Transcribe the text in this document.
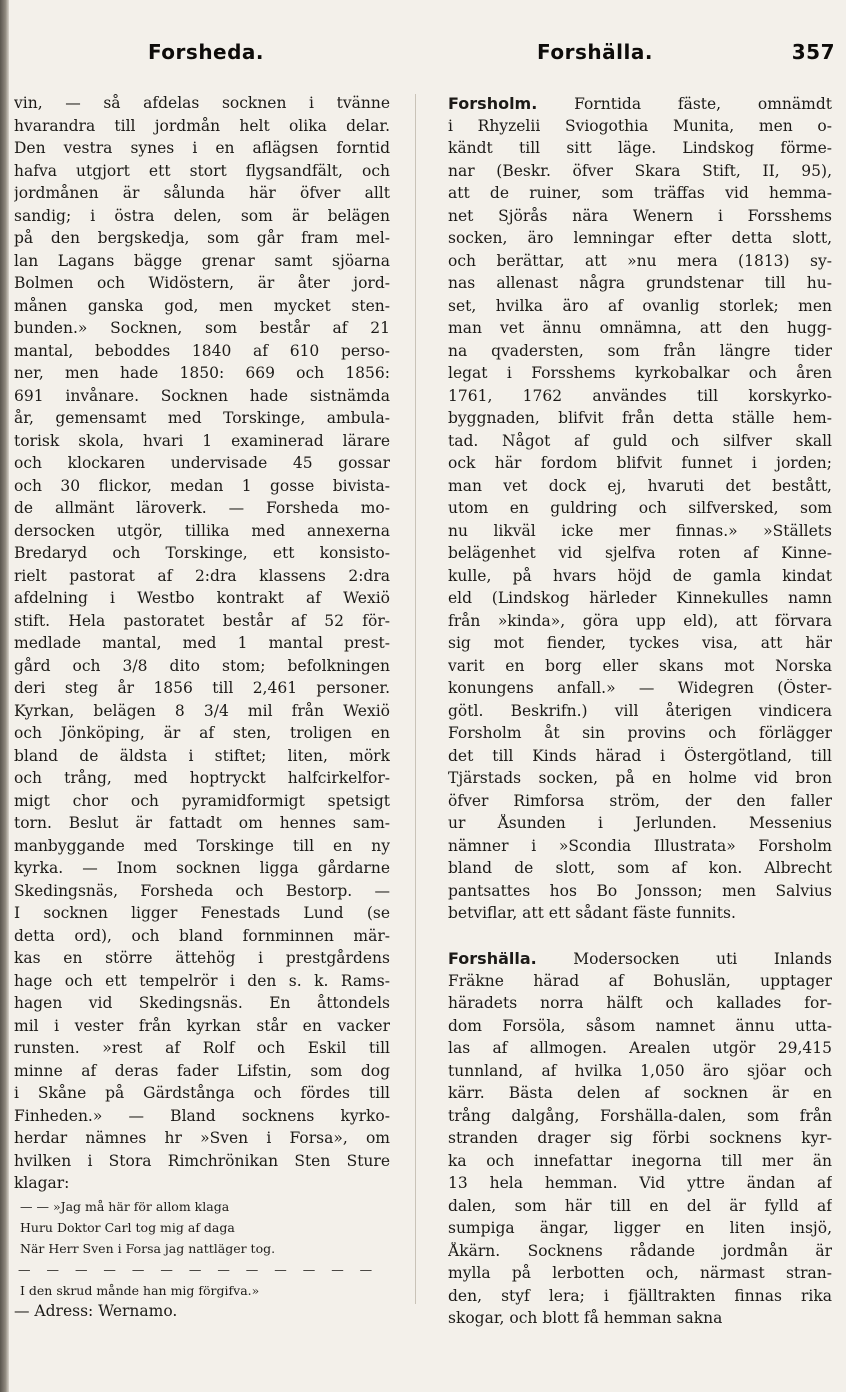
Forsheda.	Forshälla.	357
vin, — så afdelas socknen i tvänne
hvarandra till jordmån helt olika delar.
Den vestra synes i en aflägsen forntid
hafva utgjort ett stort flygsandfält, och
jordmånen är sålunda här öfver allt
sandig; i östra delen, som är belägen
på den bergskedja, som går fram mel-
lan Lagans bägge grenar samt sjöarna
Bolmen och Widöstern, är åter jord-
månen ganska god, men mycket sten-
bunden.» Socknen, som består af 21
mantal, beboddes 1840 af 610 perso-
ner, men hade 1850: 669 och 1856:
691 invånare. Socknen hade sistnämda
år, gemensamt med Torskinge, ambula-
torisk skola, hvari 1 examinerad lärare
och klockaren undervisade 45 gossar
och 30 flickor, medan 1 gosse bivista-
de allmänt läroverk. — Forsheda mo-
dersocken utgör, tillika med annexerna
Bredaryd och Torskinge, ett konsisto-
rielt pastorat af 2:dra klassens 2:dra
afdelning i Westbo kontrakt af Wexiö
stift. Hela pastoratet består af 52 för-
medlade mantal, med 1 mantal prest-
gård och 3/8 dito stom; befolkningen
deri steg år 1856 till 2,461 personer.
Kyrkan, belägen 8 3/4 mil från Wexiö
och Jönköping, är af sten, troligen en
bland de äldsta i stiftet; liten, mörk
och trång, med hoptryckt halfcirkelfor-
migt chor och pyramidformigt spetsigt
torn. Beslut är fattadt om hennes sam-
manbyggande med Torskinge till en ny
kyrka. — Inom socknen ligga gårdarne
Skedingsnäs, Forsheda och Bestorp. —
I socknen ligger Fenestads Lund (se
detta ord), och bland fornminnen mär-
kas en större ättehög i prestgårdens
hage och ett tempelrör i den s. k. Rams-
hagen vid Skedingsnäs. En åttondels
mil i vester från kyrkan står en vacker
runsten. »rest af Rolf och Eskil till
minne af deras fader Lifstin, som dog
i Skåne på Gärdstånga och fördes till
Finheden.» — Bland socknens kyrko-
herdar nämnes hr »Sven i Forsa», om
hvilken i Stora Rimchrönikan Sten Sture
klagar:
— — »Jag må här för allom klaga
Huru Doktor Carl tog mig af daga
När Herr Sven i Forsa jag nattläger tog.
— — — — — — — — — — — — —
I den skrud månde han mig förgifva.»
— Adress: Wernamo.
Forsholm. Forntida fäste, omnämdt
i Rhyzelii Sviogothia Munita, men o-
kändt till sitt läge. Lindskog förme-
nar (Beskr. öfver Skara Stift, II, 95),
att de ruiner, som träffas vid hemma-
net Sjörås nära Wenern i Forsshems
socken, äro lemningar efter detta slott,
och berättar, att »nu mera (1813) sy-
nas allenast några grundstenar till hu-
set, hvilka äro af ovanlig storlek; men
man vet ännu omnämna, att den hugg-
na qvadersten, som från längre tider
legat i Forsshems kyrkobalkar och åren
1761, 1762 användes till korskyrko-
byggnaden, blifvit från detta ställe hem-
tad. Något af guld och silfver skall
ock här fordom blifvit funnet i jorden;
man vet dock ej, hvaruti det bestått,
utom en guldring och silfversked, som
nu likväl icke mer finnas.» »Ställets
belägenhet vid sjelfva roten af Kinne-
kulle, på hvars höjd de gamla kindat
eld (Lindskog härleder Kinnekulles namn
från »kinda», göra upp eld), att förvara
sig mot fiender, tyckes visa, att här
varit en borg eller skans mot Norska
konungens anfall.» — Widegren (Öster-
götl. Beskrifn.) vill återigen vindicera
Forsholm åt sin provins och förlägger
det till Kinds härad i Östergötland, till
Tjärstads socken, på en holme vid bron
öfver Rimforsa ström, der den faller
ur Åsunden i Jerlunden. Messenius
nämner i »Scondia Illustrata» Forsholm
bland de slott, som af kon. Albrecht
pantsattes hos Bo Jonsson; men Salvius
betviflar, att ett sådant fäste funnits.
Forshälla. Modersocken uti Inlands
Fräkne härad af Bohuslän, upptager
häradets norra hälft och kallades for-
dom Forsöla, såsom namnet ännu utta-
las af allmogen. Arealen utgör 29,415
tunnland, af hvilka 1,050 äro sjöar och
kärr. Bästa delen af socknen är en
trång dalgång, Forshälla-dalen, som från
stranden drager sig förbi socknens kyr-
ka och innefattar inegorna till mer än
13 hela hemman. Vid yttre ändan af
dalen, som här till en del är fylld af
sumpiga ängar, ligger en liten insjö,
Åkärn. Socknens rådande jordmån är
mylla på lerbotten och, närmast stran-
den, styf lera; i fjälltrakten finnas rika
skogar, och blott få hemman sakna
